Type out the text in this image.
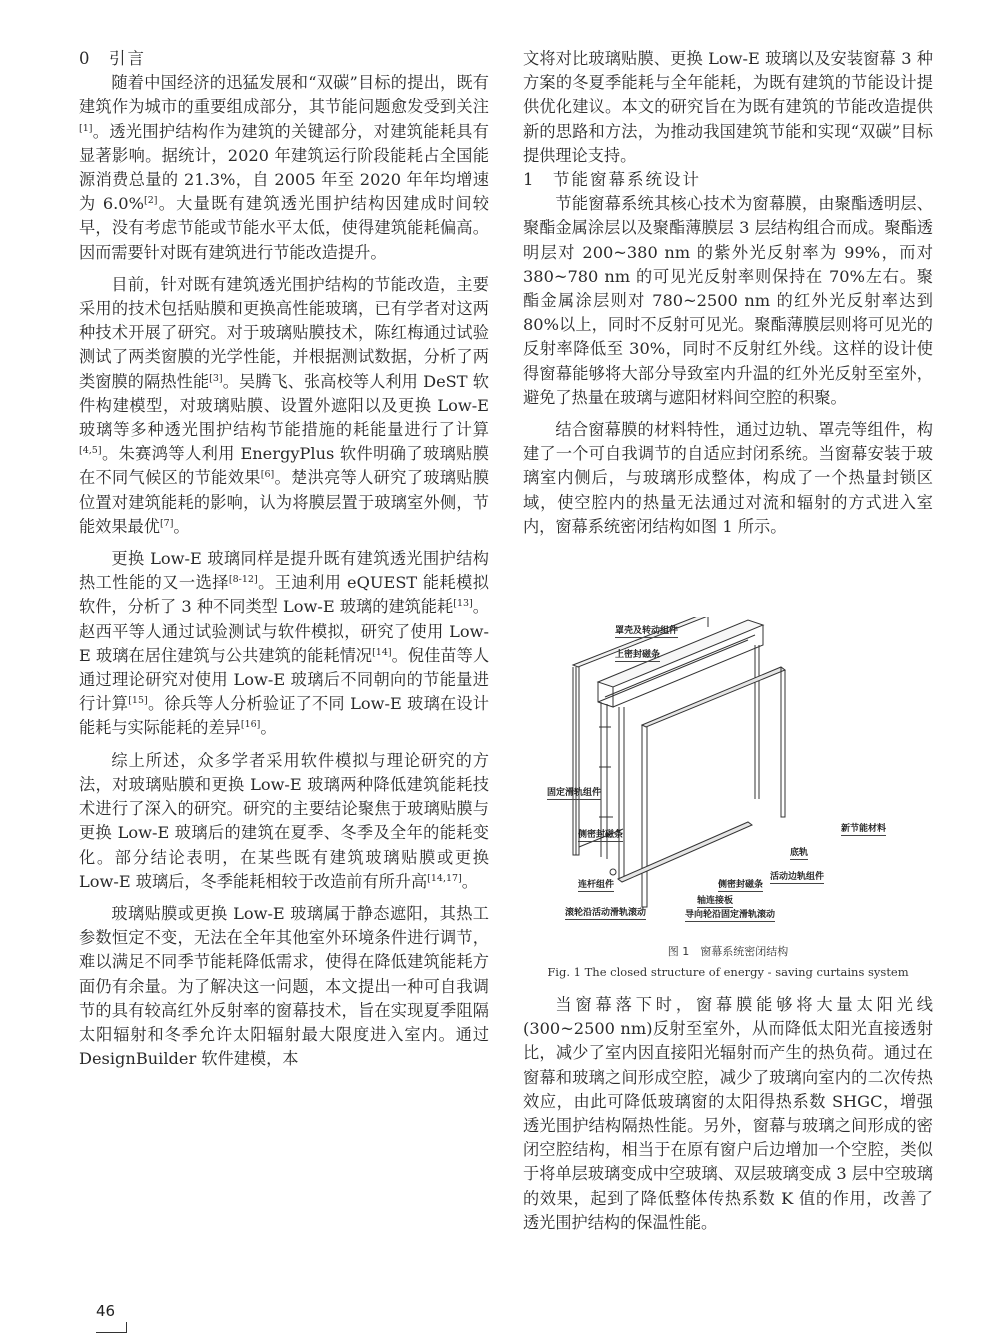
0 引言

随着中国经济的迅猛发展和“双碳”目标的提出，既有建筑作为城市的重要组成部分，其节能问题愈发受到关注[1]。透光围护结构作为建筑的关键部分，对建筑能耗具有显著影响。据统计，2020 年建筑运行阶段能耗占全国能源消费总量的 21.3%，自 2005 年至 2020 年年均增速为 6.0%[2]。大量既有建筑透光围护结构因建成时间较早，没有考虑节能或节能水平太低，使得建筑能耗偏高。因而需要针对既有建筑进行节能改造提升。

目前，针对既有建筑透光围护结构的节能改造，主要采用的技术包括贴膜和更换高性能玻璃，已有学者对这两种技术开展了研究。对于玻璃贴膜技术，陈红梅通过试验测试了两类窗膜的光学性能，并根据测试数据，分析了两类窗膜的隔热性能[3]。吴腾飞、张高校等人利用 DeST 软件构建模型，对玻璃贴膜、设置外遮阳以及更换 Low-E 玻璃等多种透光围护结构节能措施的耗能量进行了计算[4,5]。朱赛鸿等人利用 EnergyPlus 软件明确了玻璃贴膜在不同气候区的节能效果[6]。楚洪亮等人研究了玻璃贴膜位置对建筑能耗的影响，认为将膜层置于玻璃室外侧，节能效果最优[7]。

更换 Low-E 玻璃同样是提升既有建筑透光围护结构热工性能的又一选择[8-12]。王迪利用 eQUEST 能耗模拟软件，分析了 3 种不同类型 Low-E 玻璃的建筑能耗[13]。赵西平等人通过试验测试与软件模拟，研究了使用 Low-E 玻璃在居住建筑与公共建筑的能耗情况[14]。倪佳苗等人通过理论研究对使用 Low-E 玻璃后不同朝向的节能量进行计算[15]。徐兵等人分析验证了不同 Low-E 玻璃在设计能耗与实际能耗的差异[16]。

综上所述，众多学者采用软件模拟与理论研究的方法，对玻璃贴膜和更换 Low-E 玻璃两种降低建筑能耗技术进行了深入的研究。研究的主要结论聚焦于玻璃贴膜与更换 Low-E 玻璃后的建筑在夏季、冬季及全年的能耗变化。部分结论表明，在某些既有建筑玻璃贴膜或更换 Low-E 玻璃后，冬季能耗相较于改造前有所升高[14,17]。

玻璃贴膜或更换 Low-E 玻璃属于静态遮阳，其热工参数恒定不变，无法在全年其他室外环境条件进行调节，难以满足不同季节能耗降低需求，使得在降低建筑能耗方面仍有余量。为了解决这一问题，本文提出一种可自我调节的具有较高红外反射率的窗幕技术，旨在实现夏季阻隔太阳辐射和冬季允许太阳辐射最大限度进入室内。通过 DesignBuilder 软件建模，本

文将对比玻璃贴膜、更换 Low-E 玻璃以及安装窗幕 3 种方案的冬夏季能耗与全年能耗，为既有建筑的节能设计提供优化建议。本文的研究旨在为既有建筑的节能改造提供新的思路和方法，为推动我国建筑节能和实现“双碳”目标提供理论支持。

1 节能窗幕系统设计

节能窗幕系统其核心技术为窗幕膜，由聚酯透明层、聚酯金属涂层以及聚酯薄膜层 3 层结构组合而成。聚酯透明层对 200~380 nm 的紫外光反射率为 99%，而对 380~780 nm 的可见光反射率则保持在 70%左右。聚酯金属涂层则对 780~2500 nm 的红外光反射率达到 80%以上，同时不反射可见光。聚酯薄膜层则将可见光的反射率降低至 30%，同时不反射红外线。这样的设计使得窗幕能够将大部分导致室内升温的红外光反射至室外，避免了热量在玻璃与遮阳材料间空腔的积聚。

结合窗幕膜的材料特性，通过边轨、罩壳等组件，构建了一个可自我调节的自适应封闭系统。当窗幕安装于玻璃室内侧后，与玻璃形成整体，构成了一个热量封锁区域，使空腔内的热量无法通过对流和辐射的方式进入室内，窗幕系统密闭结构如图 1 所示。

罩壳及转动组件
上密封磁条
固定滑轨组件
侧密封磁条
新节能材料
底轨
活动边轨组件
连杆组件	侧密封磁条
轴连接板
滚轮沿活动滑轨滚动	导向轮沿固定滑轨滚动
图 1　窗幕系统密闭结构
Fig. 1 The closed structure of energy - saving curtains system

当窗幕落下时，窗幕膜能够将大量太阳光线(300~2500 nm)反射至室外，从而降低太阳光直接透射比，减少了室内因直接阳光辐射而产生的热负荷。通过在窗幕和玻璃之间形成空腔，减少了玻璃向室内的二次传热效应，由此可降低玻璃窗的太阳得热系数 SHGC，增强透光围护结构隔热性能。另外，窗幕与玻璃之间形成的密闭空腔结构，相当于在原有窗户后边增加一个空腔，类似于将单层玻璃变成中空玻璃、双层玻璃变成 3 层中空玻璃的效果，起到了降低整体传热系数 K 值的作用，改善了透光围护结构的保温性能。

46
